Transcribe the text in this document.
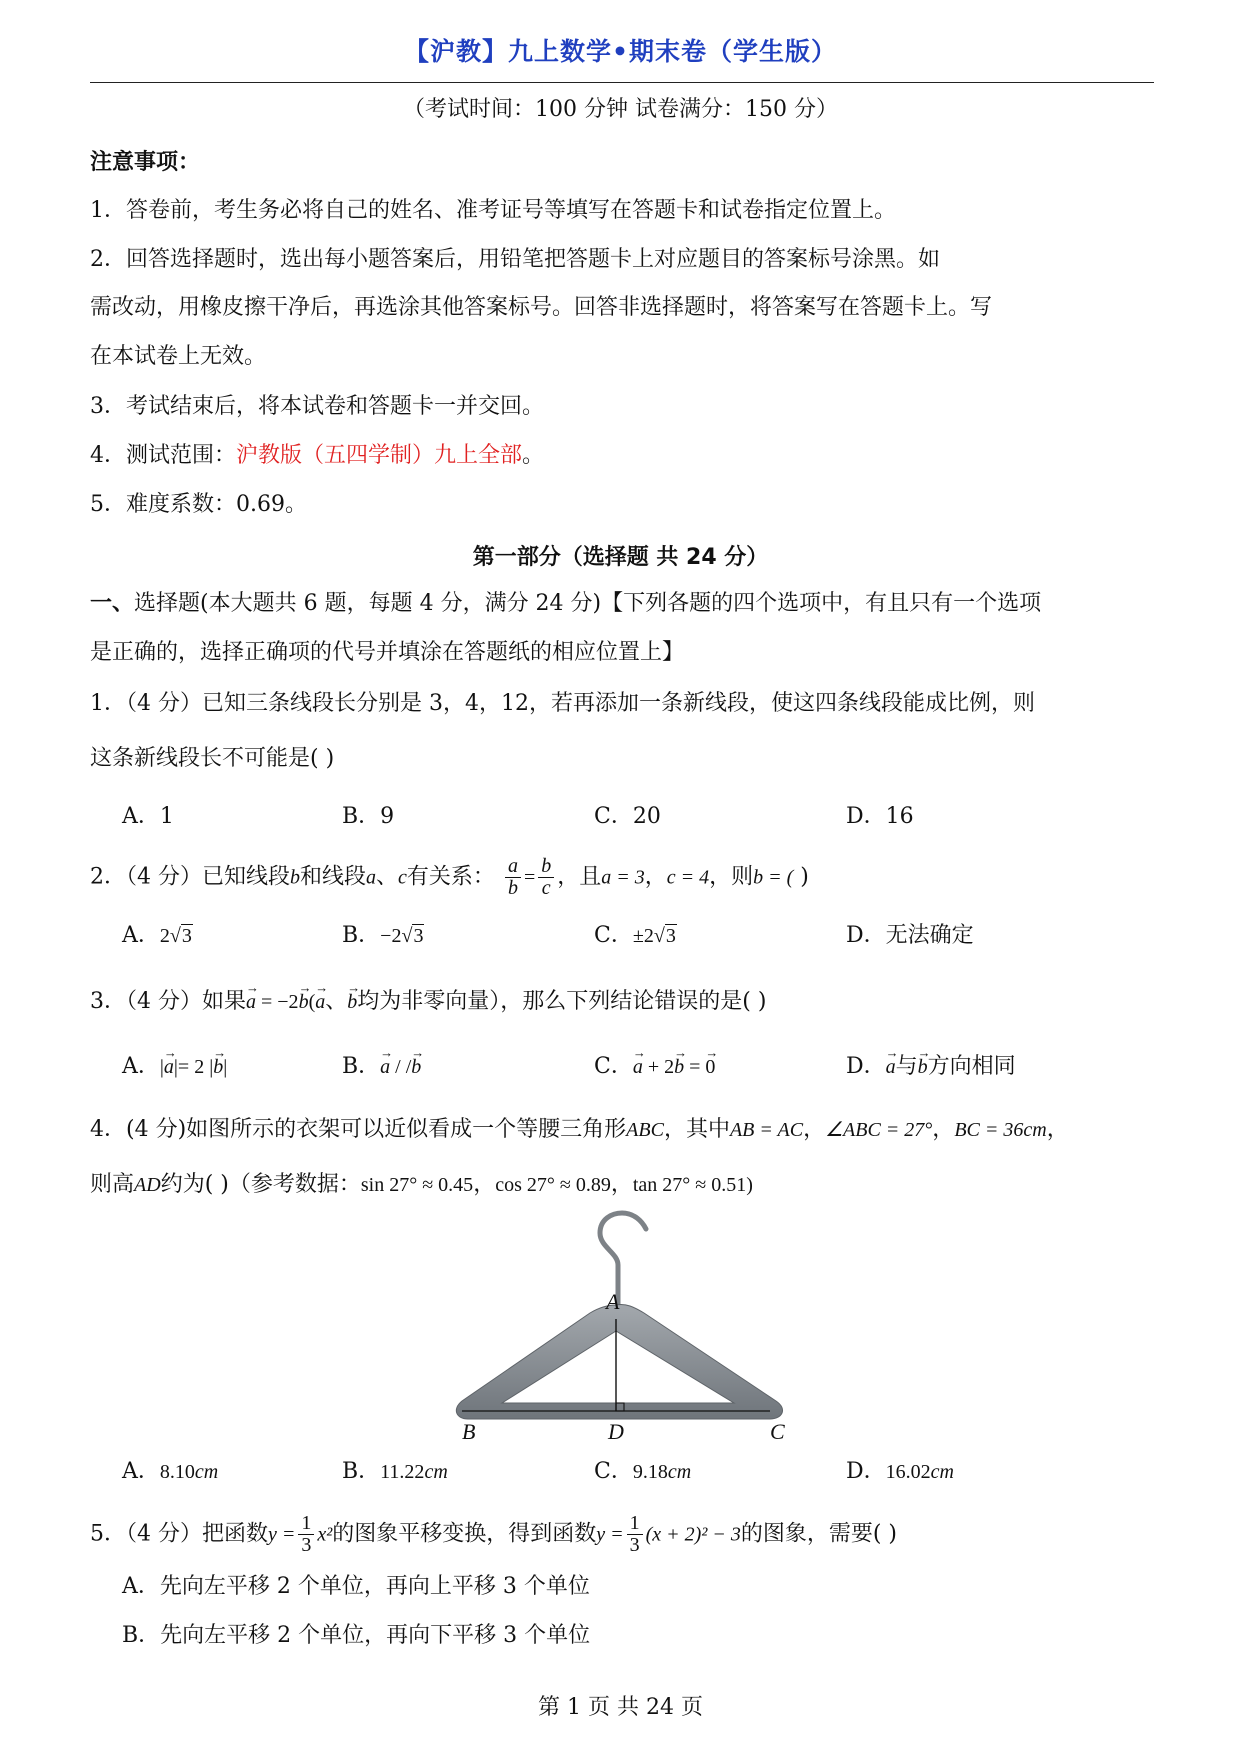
【沪教】九上数学•期末卷（学生版）
（考试时间：100 分钟 试卷满分：150 分）
注意事项：
1．答卷前，考生务必将自己的姓名、准考证号等填写在答题卡和试卷指定位置上。
2．回答选择题时，选出每小题答案后，用铅笔把答题卡上对应题目的答案标号涂黑。如
需改动，用橡皮擦干净后，再选涂其他答案标号。回答非选择题时，将答案写在答题卡上。写
在本试卷上无效。
3．考试结束后，将本试卷和答题卡一并交回。
4．测试范围：沪教版（五四学制）九上全部。
5．难度系数：0.69。
第一部分（选择题 共 24 分）
一、选择题(本大题共 6 题，每题 4 分，满分 24 分)【下列各题的四个选项中，有且只有一个选项
是正确的，选择正确项的代号并填涂在答题纸的相应位置上】
1．（4 分）已知三条线段长分别是 3，4，12，若再添加一条新线段，使这四条线段能成比例，则
这条新线段长不可能是( )
A．1	B．9	C．20	D．16
2．（4 分）已知线段b和线段a、c有关系： $\frac{a}{b} = \frac{b}{c}$ ，且a = 3，c = 4，则b = ( )
A．2√3	B．−2√3	C．±2√3	D．无法确定
3．（4 分）如果→ a = −2→ b(→ a、→ b均为非零向量），那么下列结论错误的是( )
A．|→ a|= 2 |→ b|	B．→ a / /→ b	C．→ a + 2→ b = → 0	D．→ a与→ b方向相同
4．(4 分)如图所示的衣架可以近似看成一个等腰三角形ABC，其中AB = AC，∠ABC = 27°，BC = 36cm，
则高AD约为( )（参考数据：sin 27° ≈ 0.45，cos 27° ≈ 0.89，tan 27° ≈ 0.51)
A
B	D	C
A．8.10cm	B．11.22cm	C．9.18cm	D．16.02cm
5．（4 分）把函数$y = \frac{1}{3} x^2$的图象平移变换，得到函数$y = \frac{1}{3} (x + 2)^2 - 3$的图象，需要( )
A．先向左平移 2 个单位，再向上平移 3 个单位
B．先向左平移 2 个单位，再向下平移 3 个单位
第 1 页 共 24 页
